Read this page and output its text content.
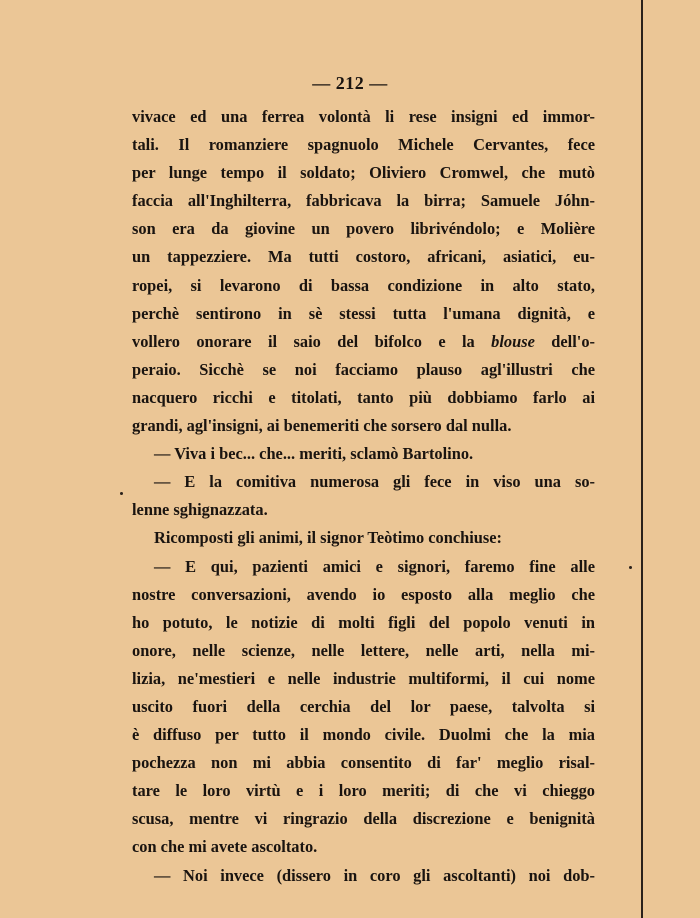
— 212 —
vivace ed una ferrea volontà li rese insigni ed immor-
tali. Il romanziere spagnuolo Michele Cervantes, fece
per lunge tempo il soldato; Oliviero Cromwel, che mutò
faccia all'Inghilterra, fabbricava la birra; Samuele Jóhn-
son era da giovine un povero librivéndolo; e Molière
un tappezziere. Ma tutti costoro, africani, asiatici, eu-
ropei, si levarono di bassa condizione in alto stato,
perchè sentirono in sè stessi tutta l'umana dignità, e
vollero onorare il saio del bifolco e la blouse dell'o-
peraio. Sicchè se noi facciamo plauso agl'illustri che
nacquero ricchi e titolati, tanto più dobbiamo farlo ai
grandi, agl'insigni, ai benemeriti che sorsero dal nulla.
— Viva i bec... che... meriti, sclamò Bartolino.
— E la comitiva numerosa gli fece in viso una so-
lenne sghignazzata.
Ricomposti gli animi, il signor Teòtimo conchiuse:
— E qui, pazienti amici e signori, faremo fine alle
nostre conversazioni, avendo io esposto alla meglio che
ho potuto, le notizie di molti figli del popolo venuti in
onore, nelle scienze, nelle lettere, nelle arti, nella mi-
lizia, ne'mestieri e nelle industrie multiformi, il cui nome
uscito fuori della cerchia del lor paese, talvolta si
è diffuso per tutto il mondo civile. Duolmi che la mia
pochezza non mi abbia consentito di far' meglio risal-
tare le loro virtù e i loro meriti; di che vi chieggo
scusa, mentre vi ringrazio della discrezione e benignità
con che mi avete ascoltato.
— Noi invece (dissero in coro gli ascoltanti) noi dob-
